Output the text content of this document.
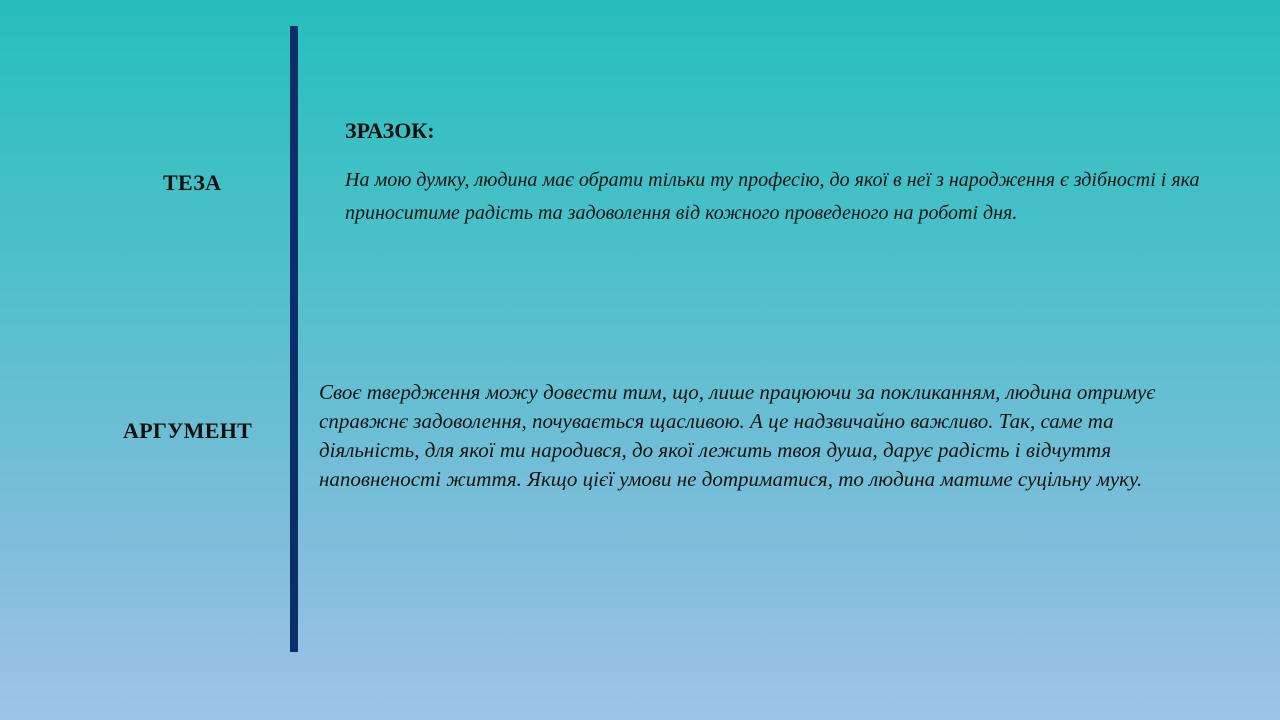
ТЕЗА
АРГУМЕНТ
ЗРАЗОК:
На мою думку, людина має обрати тільки ту професію, до якої в неї з народження є здібності і яка приноситиме радість та задоволення від кожного проведеного на роботі дня.
Своє твердження можу довести тим, що, лише працюючи за покликанням, людина отримує справжнє задоволення, почувається щасливою. А це надзвичайно важливо. Так, саме та діяльність, для якої ти народився, до якої лежить твоя душа, дарує радість і відчуття наповненості життя. Якщо цієї умови не дотриматися, то людина матиме суцільну муку.
